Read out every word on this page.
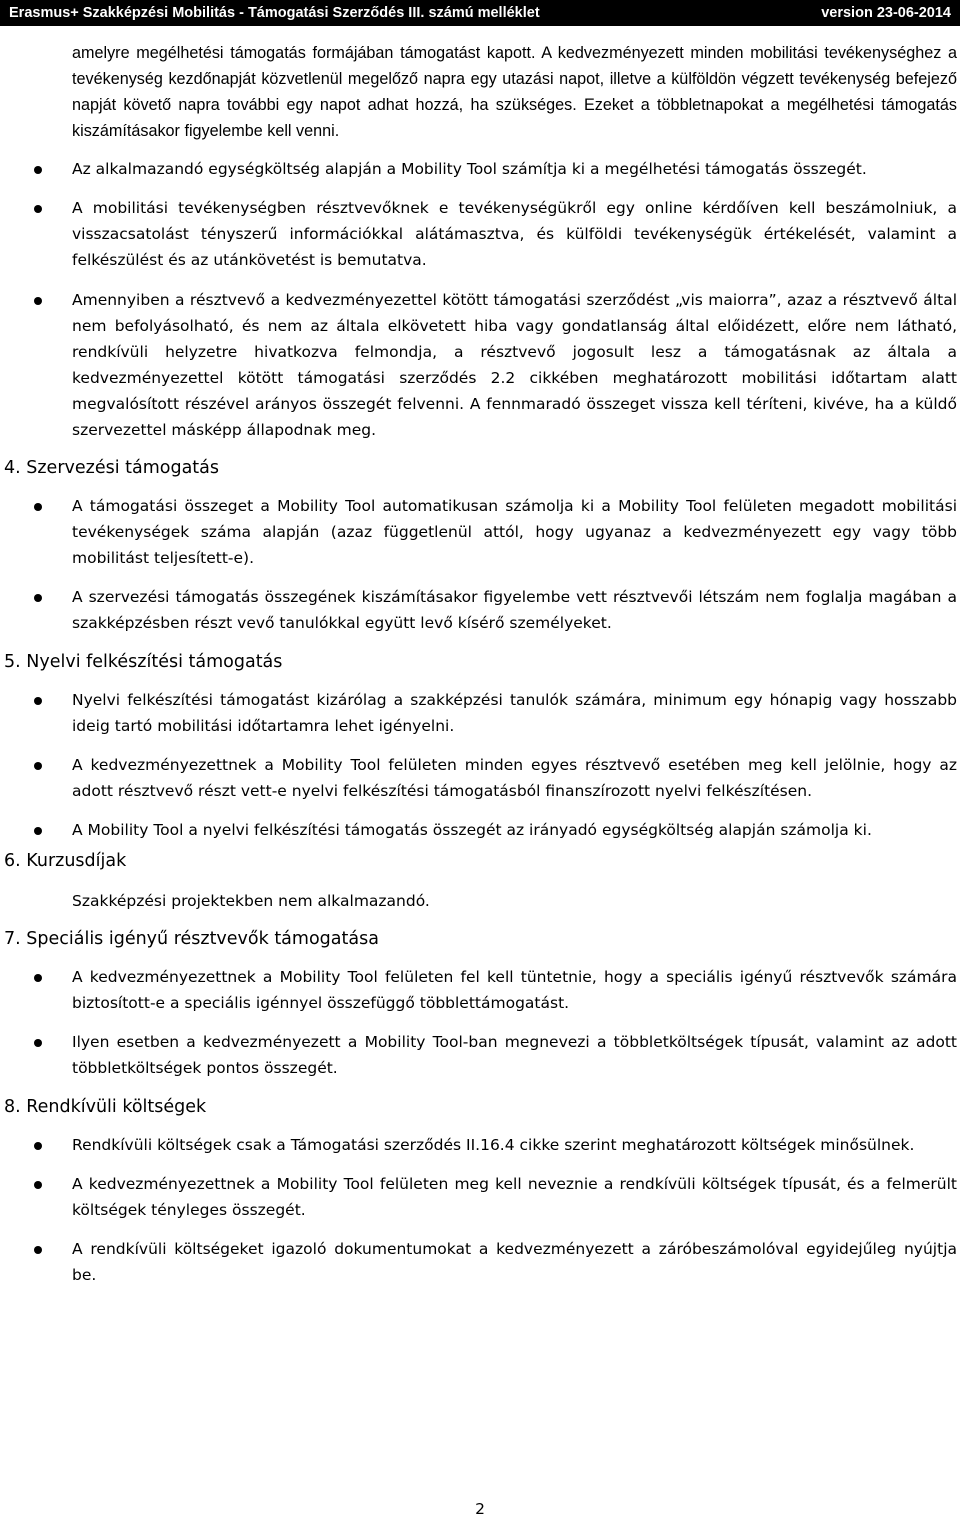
Erasmus+ Szakképzési Mobilitás - Támogatási Szerződés III. számú melléklet	version 23-06-2014
amelyre megélhetési támogatás formájában támogatást kapott. A kedvezményezett minden mobilitási tevékenységhez a tevékenység kezdőnapját közvetlenül megelőző napra egy utazási napot, illetve a külföldön végzett tevékenység befejező napját követő napra további egy napot adhat hozzá, ha szükséges. Ezeket a többletnapokat a megélhetési támogatás kiszámításakor figyelembe kell venni.
Az alkalmazandó egységköltség alapján a Mobility Tool számítja ki a megélhetési támogatás összegét.
A mobilitási tevékenységben résztvevőknek e tevékenységükről egy online kérdőíven kell beszámolniuk, a visszacsatolást tényszerű információkkal alátámasztva, és külföldi tevékenységük értékelését, valamint a felkészülést és az utánkövetést is bemutatva.
Amennyiben a résztvevő a kedvezményezettel kötött támogatási szerződést „vis maiorra”, azaz a résztvevő által nem befolyásolható, és nem az általa elkövetett hiba vagy gondatlanság által előidézett, előre nem látható, rendkívüli helyzetre hivatkozva felmondja, a résztvevő jogosult lesz a támogatásnak az általa a kedvezményezettel kötött támogatási szerződés 2.2 cikkében meghatározott mobilitási időtartam alatt megvalósított részével arányos összegét felvenni. A fennmaradó összeget vissza kell téríteni, kivéve, ha a küldő szervezettel másképp állapodnak meg.
4. Szervezési támogatás
A támogatási összeget a Mobility Tool automatikusan számolja ki a Mobility Tool felületen megadott mobilitási tevékenységek száma alapján (azaz függetlenül attól, hogy ugyanaz a kedvezményezett egy vagy több mobilitást teljesített-e).
A szervezési támogatás összegének kiszámításakor figyelembe vett résztvevői létszám nem foglalja magában a szakképzésben részt vevő tanulókkal együtt levő kísérő személyeket.
5. Nyelvi felkészítési támogatás
Nyelvi felkészítési támogatást kizárólag a szakképzési tanulók számára, minimum egy hónapig vagy hosszabb ideig tartó mobilitási időtartamra lehet igényelni.
A kedvezményezettnek a Mobility Tool felületen minden egyes résztvevő esetében meg kell jelölnie, hogy az adott résztvevő részt vett-e nyelvi felkészítési támogatásból finanszírozott nyelvi felkészítésen.
A Mobility Tool a nyelvi felkészítési támogatás összegét az irányadó egységköltség alapján számolja ki.
6. Kurzusdíjak
Szakképzési projektekben nem alkalmazandó.
7. Speciális igényű résztvevők támogatása
A kedvezményezettnek a Mobility Tool felületen fel kell tüntetnie, hogy a speciális igényű résztvevők számára biztosított-e a speciális igénnyel összefüggő többlettámogatást.
Ilyen esetben a kedvezményezett a Mobility Tool-ban megnevezi a többletköltségek típusát, valamint az adott többletköltségek pontos összegét.
8. Rendkívüli költségek
Rendkívüli költségek csak a Támogatási szerződés II.16.4 cikke szerint meghatározott költségek minősülnek.
A kedvezményezettnek a Mobility Tool felületen meg kell neveznie a rendkívüli költségek típusát, és a felmerült költségek tényleges összegét.
A rendkívüli költségeket igazoló dokumentumokat a kedvezményezett a záróbeszámolóval egyidejűleg nyújtja be.
2
